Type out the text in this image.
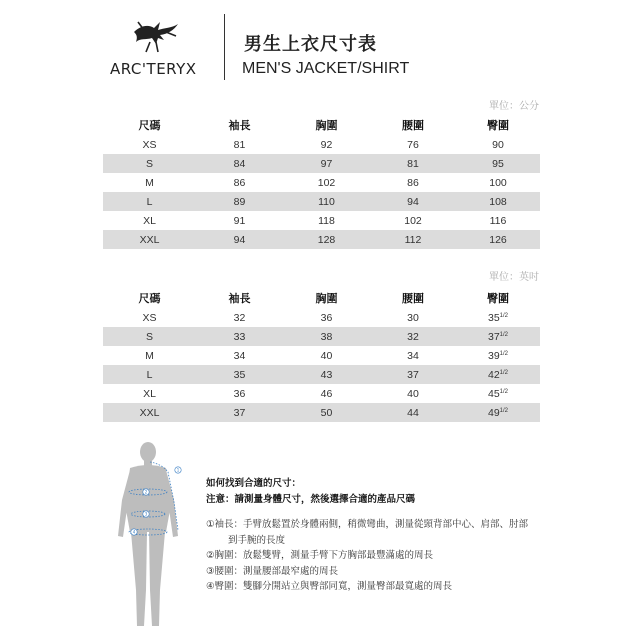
ARC'TERYX
男生上衣尺寸表
MEN'S JACKET/SHIRT
單位：公分
尺碼	袖長	胸圍	腰圍	臀圍
XS	81	92	76	90
S	84	97	81	95
M	86	102	86	100
L	89	110	94	108
XL	91	118	102	116
XXL	94	128	112	126
單位：英吋
尺碼	袖長	胸圍	腰圍	臀圍
XS	32	36	30	$35^{1/2}$
S	33	38	32	$37^{1/2}$
M	34	40	34	$39^{1/2}$
L	35	43	37	$42^{1/2}$
XL	36	46	40	$45^{1/2}$
XXL	37	50	44	$49^{1/2}$
1
2
3
4
如何找到合適的尺寸：
注意：請測量身體尺寸，然後選擇合適的產品尺碼
①袖長：手臂放鬆置於身體兩側，稍微彎曲，測量從頸背部中心、肩部、肘部
到手腕的長度
②胸圍：放鬆雙臂，測量手臂下方胸部最豐滿處的周長
③腰圍：測量腰部最窄處的周長
④臀圍：雙腳分開站立與臀部同寬，測量臀部最寬處的周長
